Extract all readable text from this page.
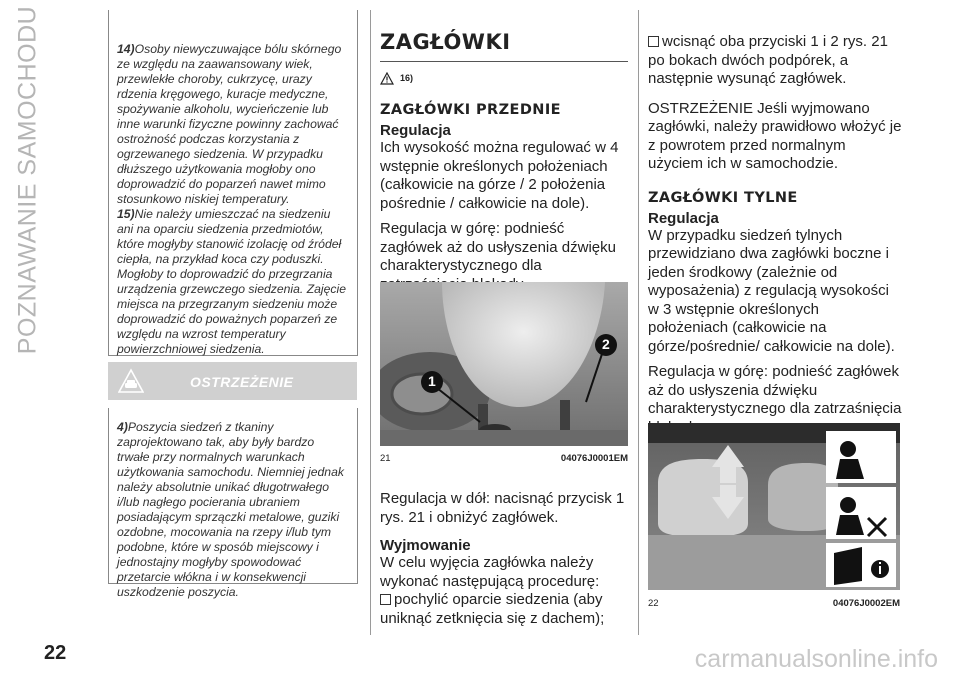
POZNAWANIE SAMOCHODU	14)Osoby niewyczuwające bólu skórnego ze względu na zaawansowany wiek, przewlekłe choroby, cukrzycę, urazy rdzenia kręgowego, kuracje medyczne, spożywanie alkoholu, wycieńczenie lub inne warunki fizyczne powinny zachować ostrożność podczas korzystania z ogrzewanego siedzenia. W przypadku dłuższego użytkowania mogłoby ono doprowadzić do poparzeń nawet mimo stosunkowo niskiej temperatury.

15)Nie należy umieszczać na siedzeniu ani na oparciu siedzenia przedmiotów, które mogłyby stanowić izolację od źródeł ciepła, na przykład koca czy poduszki. Mogłoby to doprowadzić do przegrzania urządzenia grzewczego siedzenia. Zajęcie miejsca na przegrzanym siedzeniu może doprowadzić do poważnych poparzeń ze względu na wzrost temperatury powierzchniowej siedzenia.

OSTRZEŻENIE

4)Poszycia siedzeń z tkaniny zaprojektowano tak, aby były bardzo trwałe przy normalnych warunkach użytkowania samochodu. Niemniej jednak należy absolutnie unikać długotrwałego i/lub nagłego pocierania ubraniem posiadającym sprzączki metalowe, guziki ozdobne, mocowania na rzepy i/lub tym podobne, które w sposób miejscowy i jednostajny mogłyby spowodować przetarcie włókna i w konsekwencji uszkodzenie poszycia.

ZAGŁÓWKI
16)
ZAGŁÓWKI PRZEDNIE
Regulacja

Ich wysokość można regulować w 4 wstępnie określonych położeniach (całkowicie na górze / 2 położenia pośrednie / całkowicie na dole).

Regulacja w górę: podnieść zagłówek aż do usłyszenia dźwięku charakterystycznego dla

1
2
21	04076J0001EM

Regulacja w dół: nacisnąć przycisk 1 rys. 21 i obniżyć zagłówek.

Wyjmowanie

W celu wyjęcia zagłówka należy wykonać następującą procedurę:

pochylić oparcie siedzenia (aby uniknąć zetknięcia się z dachem);

wcisnąć oba przyciski 1 i 2 rys. 21 po bokach dwóch podpórek, a następnie wysunąć zagłówek.

OSTRZEŻENIE Jeśli wyjmowano zagłówki, należy prawidłowo włożyć je z powrotem przed normalnym użyciem ich w samochodzie.

ZAGŁÓWKI TYLNE
Regulacja

W przypadku siedzeń tylnych przewidziano dwa zagłówki boczne i jeden środkowy (zależnie od wyposażenia) z regulacją wysokości w 3 wstępnie określonych położeniach (całkowicie na górze/pośrednie/ całkowicie na dole).

Regulacja w górę: podnieść zagłówek aż do usłyszenia dźwięku charakterystycznego dla zatrzaśnięcia

22	04076J0002EM
22	carmanualsonline.info
